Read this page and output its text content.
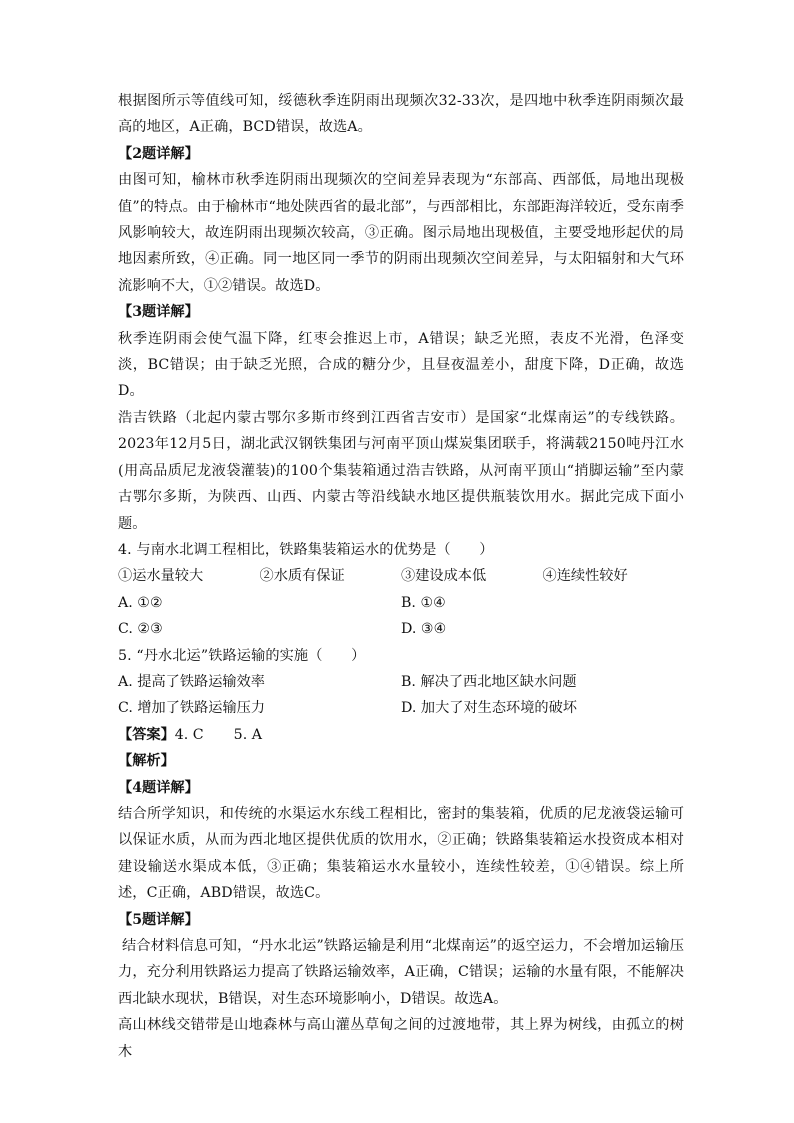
根据图所示等值线可知，绥德秋季连阴雨出现频次32-33次，是四地中秋季连阴雨频次最高的地区，A正确，BCD错误，故选A。

【2题详解】

由图可知，榆林市秋季连阴雨出现频次的空间差异表现为“东部高、西部低，局地出现极值”的特点。由于榆林市“地处陕西省的最北部”，与西部相比，东部距海洋较近，受东南季风影响较大，故连阴雨出现频次较高，③正确。图示局地出现极值，主要受地形起伏的局地因素所致，④正确。同一地区同一季节的阴雨出现频次空间差异，与太阳辐射和大气环流影响不大，①②错误。故选D。

【3题详解】

秋季连阴雨会使气温下降，红枣会推迟上市，A错误；缺乏光照，表皮不光滑，色泽变淡，BC错误；由于缺乏光照，合成的糖分少，且昼夜温差小，甜度下降，D正确，故选D。

浩吉铁路（北起内蒙古鄂尔多斯市终到江西省吉安市）是国家“北煤南运”的专线铁路。2023年12月5日，湖北武汉钢铁集团与河南平顶山煤炭集团联手，将满载2150吨丹江水(用高品质尼龙液袋灌装)的100个集装箱通过浩吉铁路，从河南平顶山“捎脚运输”至内蒙古鄂尔多斯，为陕西、山西、内蒙古等沿线缺水地区提供瓶装饮用水。据此完成下面小题。

4. 与南水北调工程相比，铁路集装箱运水的优势是（　　）

①运水量较大	②水质有保证	③建设成本低	④连续性较好
A. ①②	B. ①④
C. ②③	D. ③④

5. “丹水北运”铁路运输的实施（　　）

A. 提高了铁路运输效率	B. 解决了西北地区缺水问题
C. 增加了铁路运输压力	D. 加大了对生态环境的破坏
【答案】 4. C 5. A

【解析】

【4题详解】

结合所学知识，和传统的水渠运水东线工程相比，密封的集装箱，优质的尼龙液袋运输可以保证水质，从而为西北地区提供优质的饮用水，②正确；铁路集装箱运水投资成本相对建设输送水渠成本低，③正确；集装箱运水水量较小，连续性较差，①④错误。综上所述，C正确，ABD错误，故选C。

【5题详解】

结合材料信息可知，“丹水北运”铁路运输是利用“北煤南运”的返空运力，不会增加运输压力，充分利用铁路运力提高了铁路运输效率，A正确，C错误；运输的水量有限，不能解决西北缺水现状，B错误，对生态环境影响小，D错误。故选A。

高山林线交错带是山地森林与高山灌丛草甸之间的过渡地带，其上界为树线，由孤立的树木
